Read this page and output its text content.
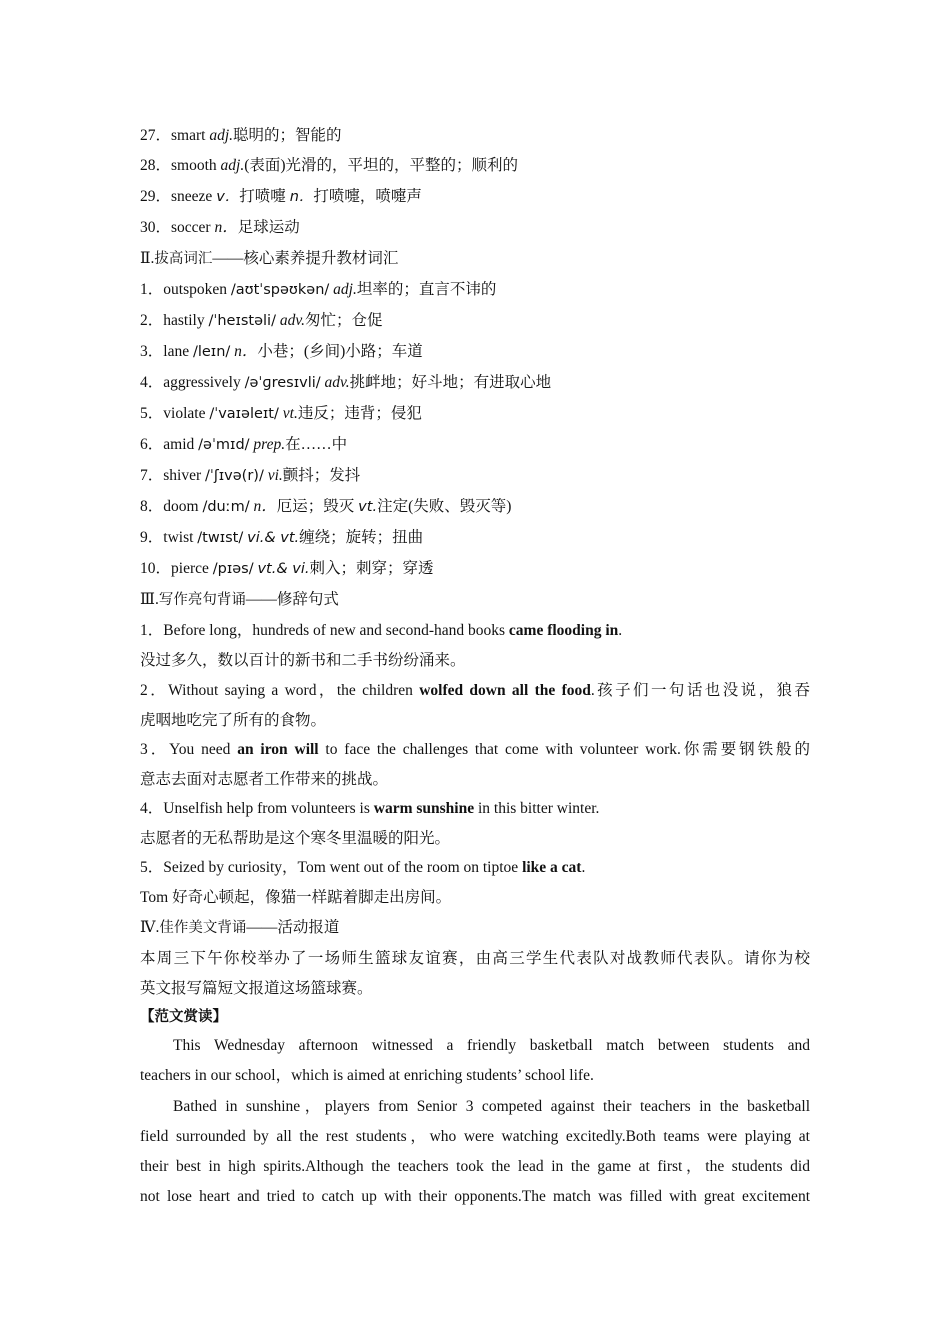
27．smart adj.聪明的；智能的
28．smooth adj.(表面)光滑的，平坦的，平整的；顺利的
29．sneeze v．打喷嚏 n．打喷嚏，喷嚏声
30．soccer n．足球运动
Ⅱ.拔高词汇——核心素养提升教材词汇
1．outspoken /aʊtˈspəʊkən/ adj.坦率的；直言不讳的
2．hastily /ˈheɪstəli/ adv.匆忙；仓促
3．lane /leɪn/ n．小巷；(乡间)小路；车道
4．aggressively /əˈɡresɪvli/ adv.挑衅地；好斗地；有进取心地
5．violate /ˈvaɪəleɪt/ vt.违反；违背；侵犯
6．amid /əˈmɪd/ prep.在……中
7．shiver /ˈʃɪvə(r)/ vi.颤抖；发抖
8．doom /duːm/ n．厄运；毁灭 vt.注定(失败、毁灭等)
9．twist /twɪst/ vi.& vt.缠绕；旋转；扭曲
10．pierce /pɪəs/ vt.& vi.刺入；刺穿；穿透
Ⅲ.写作亮句背诵——修辞句式
1．Before long，hundreds of new and second-hand books came flooding in.
没过多久，数以百计的新书和二手书纷纷涌来。
2．Without saying a word，the children wolfed down all the food.孩子们一句话也没说，狼吞
虎咽地吃完了所有的食物。
3．You need an iron will to face the challenges that come with volunteer work.你需要钢铁般的
意志去面对志愿者工作带来的挑战。
4．Unselfish help from volunteers is warm sunshine in this bitter winter.
志愿者的无私帮助是这个寒冬里温暖的阳光。
5．Seized by curiosity，Tom went out of the room on tiptoe like a cat.
Tom 好奇心顿起，像猫一样踮着脚走出房间。
Ⅳ.佳作美文背诵——活动报道
本周三下午你校举办了一场师生篮球友谊赛，由高三学生代表队对战教师代表队。请你为校
英文报写篇短文报道这场篮球赛。
【范文赏读】
This Wednesday afternoon witnessed a friendly basketball match between students and
teachers in our school，which is aimed at enriching students’ school life.
Bathed in sunshine，players from Senior 3 competed against their teachers in the basketball
field surrounded by all the rest students，who were watching excitedly.Both teams were playing at
their best in high spirits.Although the teachers took the lead in the game at first，the students did
not lose heart and tried to catch up with their opponents.The match was filled with great excitement
